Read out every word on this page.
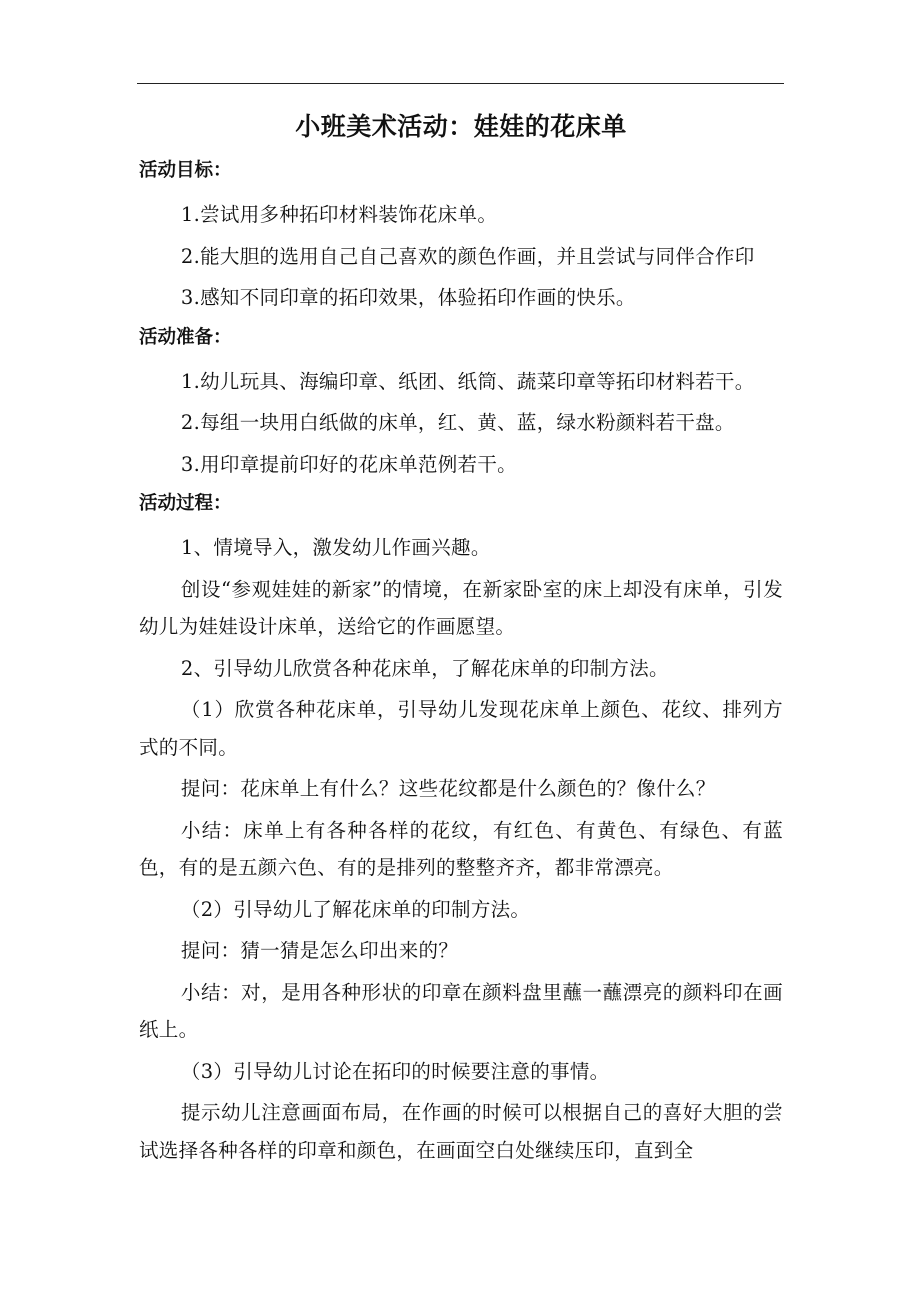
小班美术活动：娃娃的花床单
活动目标：

1.尝试用多种拓印材料装饰花床单。

2.能大胆的选用自己自己喜欢的颜色作画，并且尝试与同伴合作印

3.感知不同印章的拓印效果，体验拓印作画的快乐。

活动准备：

1.幼儿玩具、海编印章、纸团、纸筒、蔬菜印章等拓印材料若干。

2.每组一块用白纸做的床单，红、黄、蓝，绿水粉颜料若干盘。

3.用印章提前印好的花床单范例若干。

活动过程：

1、情境导入，激发幼儿作画兴趣。

创设“参观娃娃的新家”的情境，在新家卧室的床上却没有床单，引发幼儿为娃娃设计床单，送给它的作画愿望。

2、引导幼儿欣赏各种花床单，了解花床单的印制方法。

（1）欣赏各种花床单，引导幼儿发现花床单上颜色、花纹、排列方式的不同。

提问：花床单上有什么？这些花纹都是什么颜色的？像什么？

小结：床单上有各种各样的花纹，有红色、有黄色、有绿色、有蓝色，有的是五颜六色、有的是排列的整整齐齐，都非常漂亮。

（2）引导幼儿了解花床单的印制方法。

提问：猜一猜是怎么印出来的？

小结：对，是用各种形状的印章在颜料盘里蘸一蘸漂亮的颜料印在画纸上。

（3）引导幼儿讨论在拓印的时候要注意的事情。

提示幼儿注意画面布局，在作画的时候可以根据自己的喜好大胆的尝试选择各种各样的印章和颜色，在画面空白处继续压印，直到全
